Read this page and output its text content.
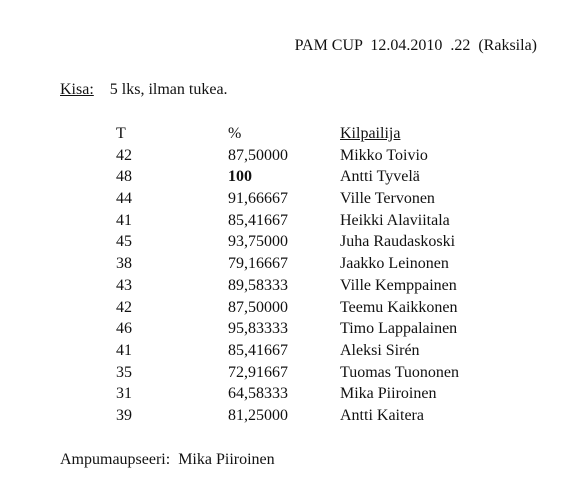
PAM CUP 12.04.2010 .22 (Raksila)
Kisa: 5 lks, ilman tukea.
T	%	Kilpailija
42	87,50000	Mikko Toivio
48	100	Antti Tyvelä
44	91,66667	Ville Tervonen
41	85,41667	Heikki Alaviitala
45	93,75000	Juha Raudaskoski
38	79,16667	Jaakko Leinonen
43	89,58333	Ville Kemppainen
42	87,50000	Teemu Kaikkonen
46	95,83333	Timo Lappalainen
41	85,41667	Aleksi Sirén
35	72,91667	Tuomas Tuononen
31	64,58333	Mika Piiroinen
39	81,25000	Antti Kaitera
Ampumaupseeri: Mika Piiroinen
